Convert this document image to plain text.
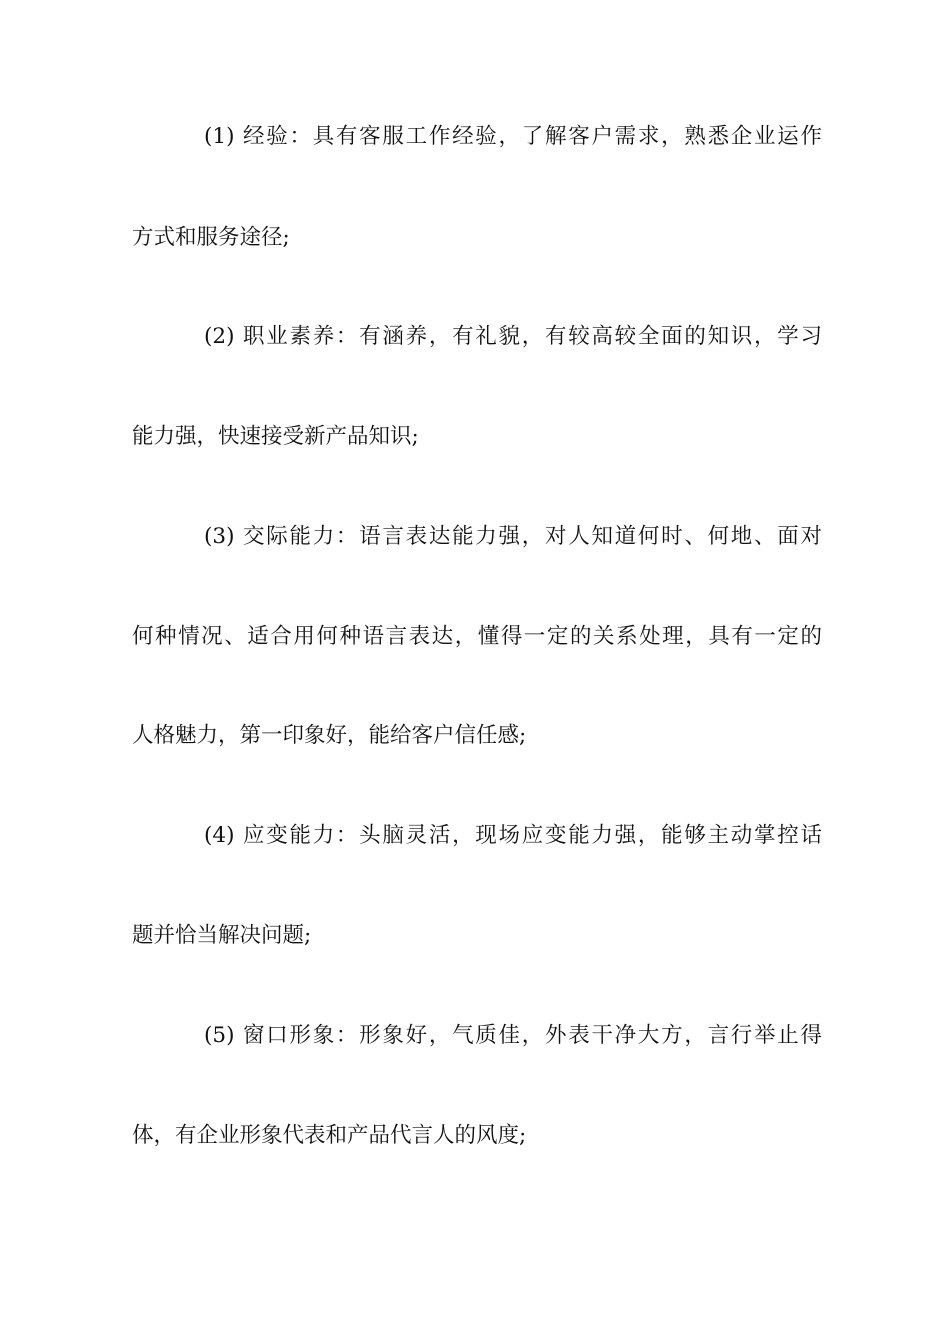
(1) 经验：具有客服工作经验，了解客户需求，熟悉企业运作
方式和服务途径;
(2) 职业素养：有涵养，有礼貌，有较高较全面的知识，学习
能力强，快速接受新产品知识;
(3) 交际能力：语言表达能力强，对人知道何时、何地、面对
何种情况、适合用何种语言表达，懂得一定的关系处理，具有一定的
人格魅力，第一印象好，能给客户信任感;
(4) 应变能力：头脑灵活，现场应变能力强，能够主动掌控话
题并恰当解决问题;
(5) 窗口形象：形象好，气质佳，外表干净大方，言行举止得
体，有企业形象代表和产品代言人的风度;
